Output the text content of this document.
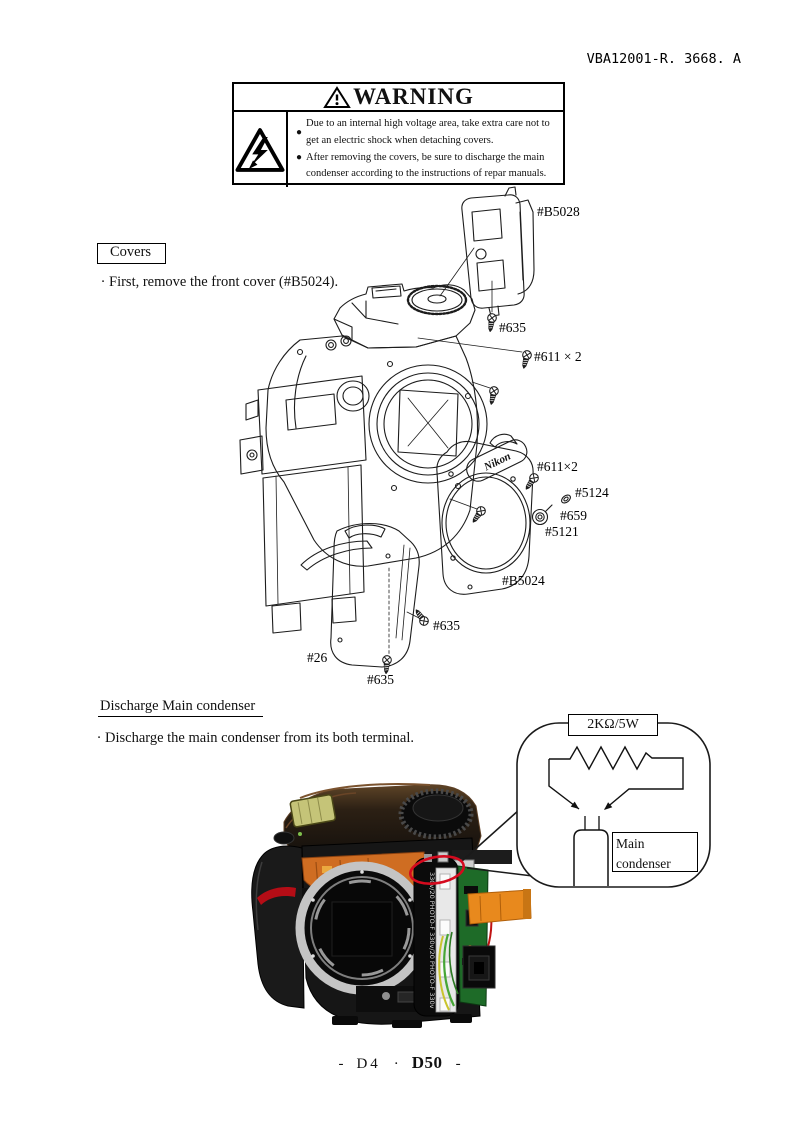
Nikon
330v/20 PHOTO-F 330v/20 PHOTO-F 330v
VBA12001-R. 3668. A
WARNING
●
Due to an internal high voltage area, take extra care not to get an electric shock when detaching covers.
● After removing the covers, be sure to discharge the main condenser according to the instructions of repar manuals.
Covers
· First, remove the front cover (#B5024).
#B5028
#635
#611 × 2
#611×2
#5124
#659
#5121
#B5024
#635
#26
#635
Discharge Main condenser
· Discharge the main condenser from its both terminal.
2KΩ/5W
Main
condenser
- D4 · D50 -
